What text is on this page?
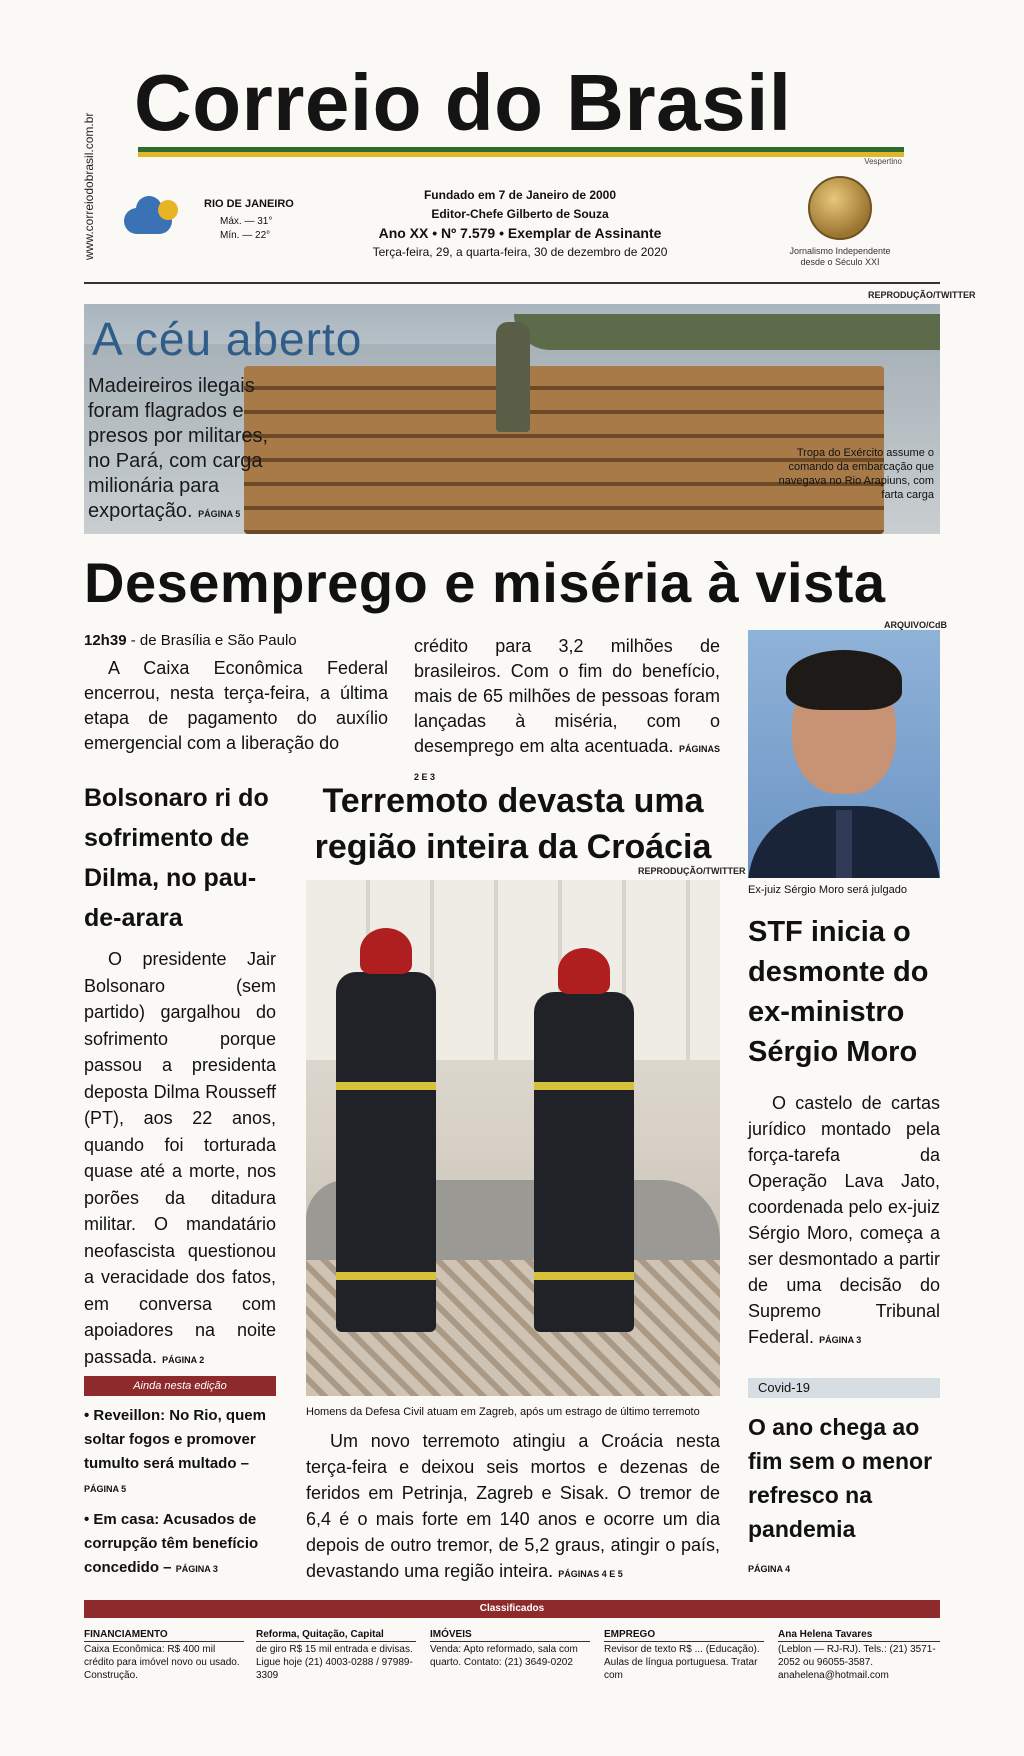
www.correiodobrasil.com.br
Correio do Brasil
Vespertino
RIO DE JANEIRO
Máx. — 31°
Mín. — 22°
Fundado em 7 de Janeiro de 2000
Editor-Chefe Gilberto de Souza
Ano XX • Nº 7.579 • Exemplar de Assinante
Terça-feira, 29, a quarta-feira, 30 de dezembro de 2020	Jornalismo Independente desde o Século XXI
REPRODUÇÃO/TWITTER
A céu aberto
Madeireiros ilegais foram flagrados e presos por militares, no Pará, com carga milionária para exportação. PÁGINA 5
Tropa do Exército assume o comando da embarcação que navegava no Rio Arapiuns, com farta carga
Desemprego e miséria à vista
12h39 - de Brasília e São Paulo
A Caixa Econômica Federal encerrou, nesta terça-feira, a última etapa de pagamento do auxílio emergencial com a liberação do
crédito para 3,2 milhões de brasileiros. Com o fim do benefício, mais de 65 milhões de pessoas foram lançadas à miséria, com o desemprego em alta acentuada. PÁGINAS 2 E 3
ARQUIVO/CdB
Ex-juiz Sérgio Moro será julgado
STF inicia o desmonte do ex-ministro Sérgio Moro
O castelo de cartas jurídico montado pela força-tarefa da Operação Lava Jato, coordenada pelo ex-juiz Sérgio Moro, começa a ser desmontado a partir de uma decisão do Supremo Tribunal Federal. PÁGINA 3
Covid-19
O ano chega ao fim sem o menor refresco na pandemia
PÁGINA 4
Bolsonaro ri do sofrimento de Dilma, no pau-de-arara
O presidente Jair Bolsonaro (sem partido) gargalhou do sofrimento porque passou a presidenta deposta Dilma Rousseff (PT), aos 22 anos, quando foi torturada quase até a morte, nos porões da ditadura militar. O mandatário neofascista questionou a veracidade dos fatos, em conversa com apoiadores na noite passada. PÁGINA 2
Ainda nesta edição
• Reveillon: No Rio, quem soltar fogos e promover tumulto será multado – PÁGINA 5
• Em casa: Acusados de corrupção têm benefício concedido – PÁGINA 3
Terremoto devasta uma região inteira da Croácia
REPRODUÇÃO/TWITTER
Homens da Defesa Civil atuam em Zagreb, após um estrago de último terremoto
Um novo terremoto atingiu a Croácia nesta terça-feira e deixou seis mortos e dezenas de feridos em Petrinja, Zagreb e Sisak. O tremor de 6,4 é o mais forte em 140 anos e ocorre um dia depois de outro tremor, de 5,2 graus, atingir o país, devastando uma região inteira. PÁGINAS 4 E 5
Classificados
FINANCIAMENTO
Caixa Econômica: R$ 400 mil crédito para imóvel novo ou usado. Construção.
Reforma, Quitação, Capital
de giro R$ 15 mil entrada e divisas. Ligue hoje (21) 4003-0288 / 97989-3309
IMÓVEIS
Venda: Apto reformado, sala com quarto. Contato: (21) 3649-0202
EMPREGO
Revisor de texto R$ ... (Educação). Aulas de língua portuguesa. Tratar com
Ana Helena Tavares
(Leblon — RJ-RJ). Tels.: (21) 3571-2052 ou 96055-3587. anahelena@hotmail.com
